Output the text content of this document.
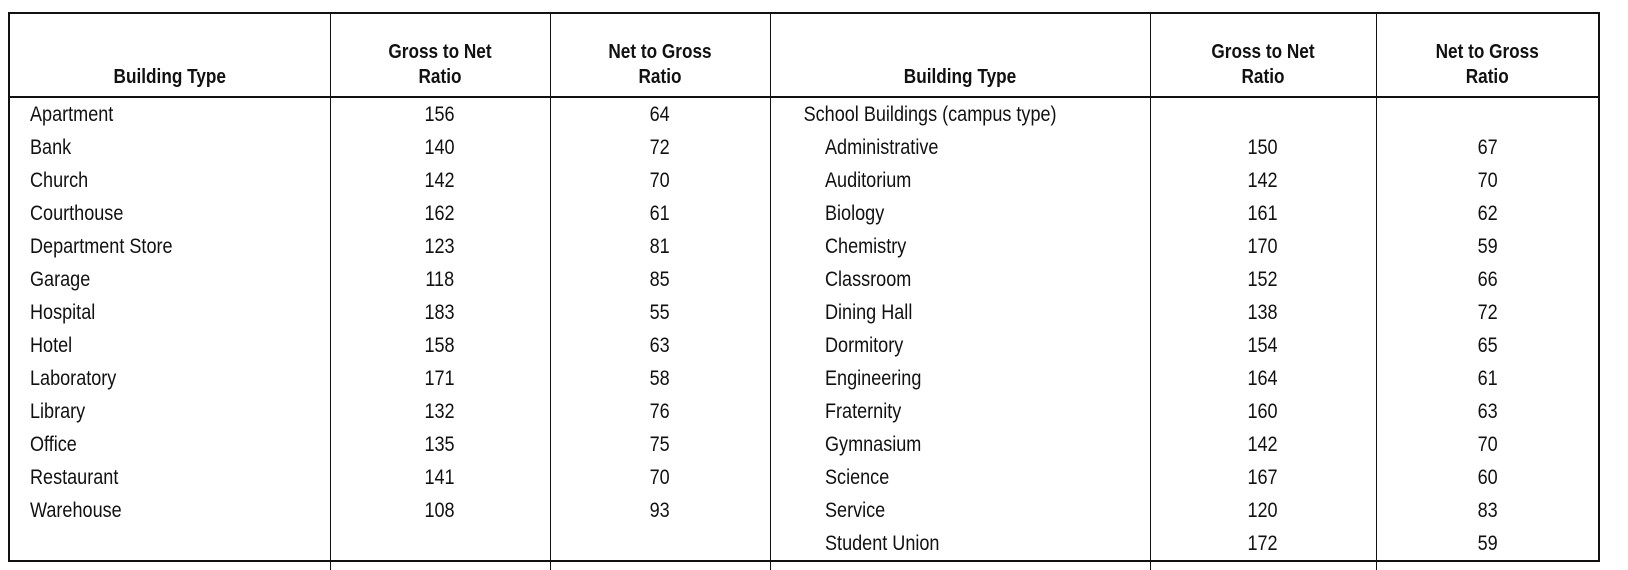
Building Type	Gross to Net Ratio	Net to Gross Ratio	Building Type	Gross to Net Ratio	Net to Gross Ratio
Apartment	156	64	School Buildings (campus type)		
Bank	140	72	Administrative	150	67
Church	142	70	Auditorium	142	70
Courthouse	162	61	Biology	161	62
Department Store	123	81	Chemistry	170	59
Garage	118	85	Classroom	152	66
Hospital	183	55	Dining Hall	138	72
Hotel	158	63	Dormitory	154	65
Laboratory	171	58	Engineering	164	61
Library	132	76	Fraternity	160	63
Office	135	75	Gymnasium	142	70
Restaurant	141	70	Science	167	60
Warehouse	108	93	Service	120	83
			Student Union	172	59
